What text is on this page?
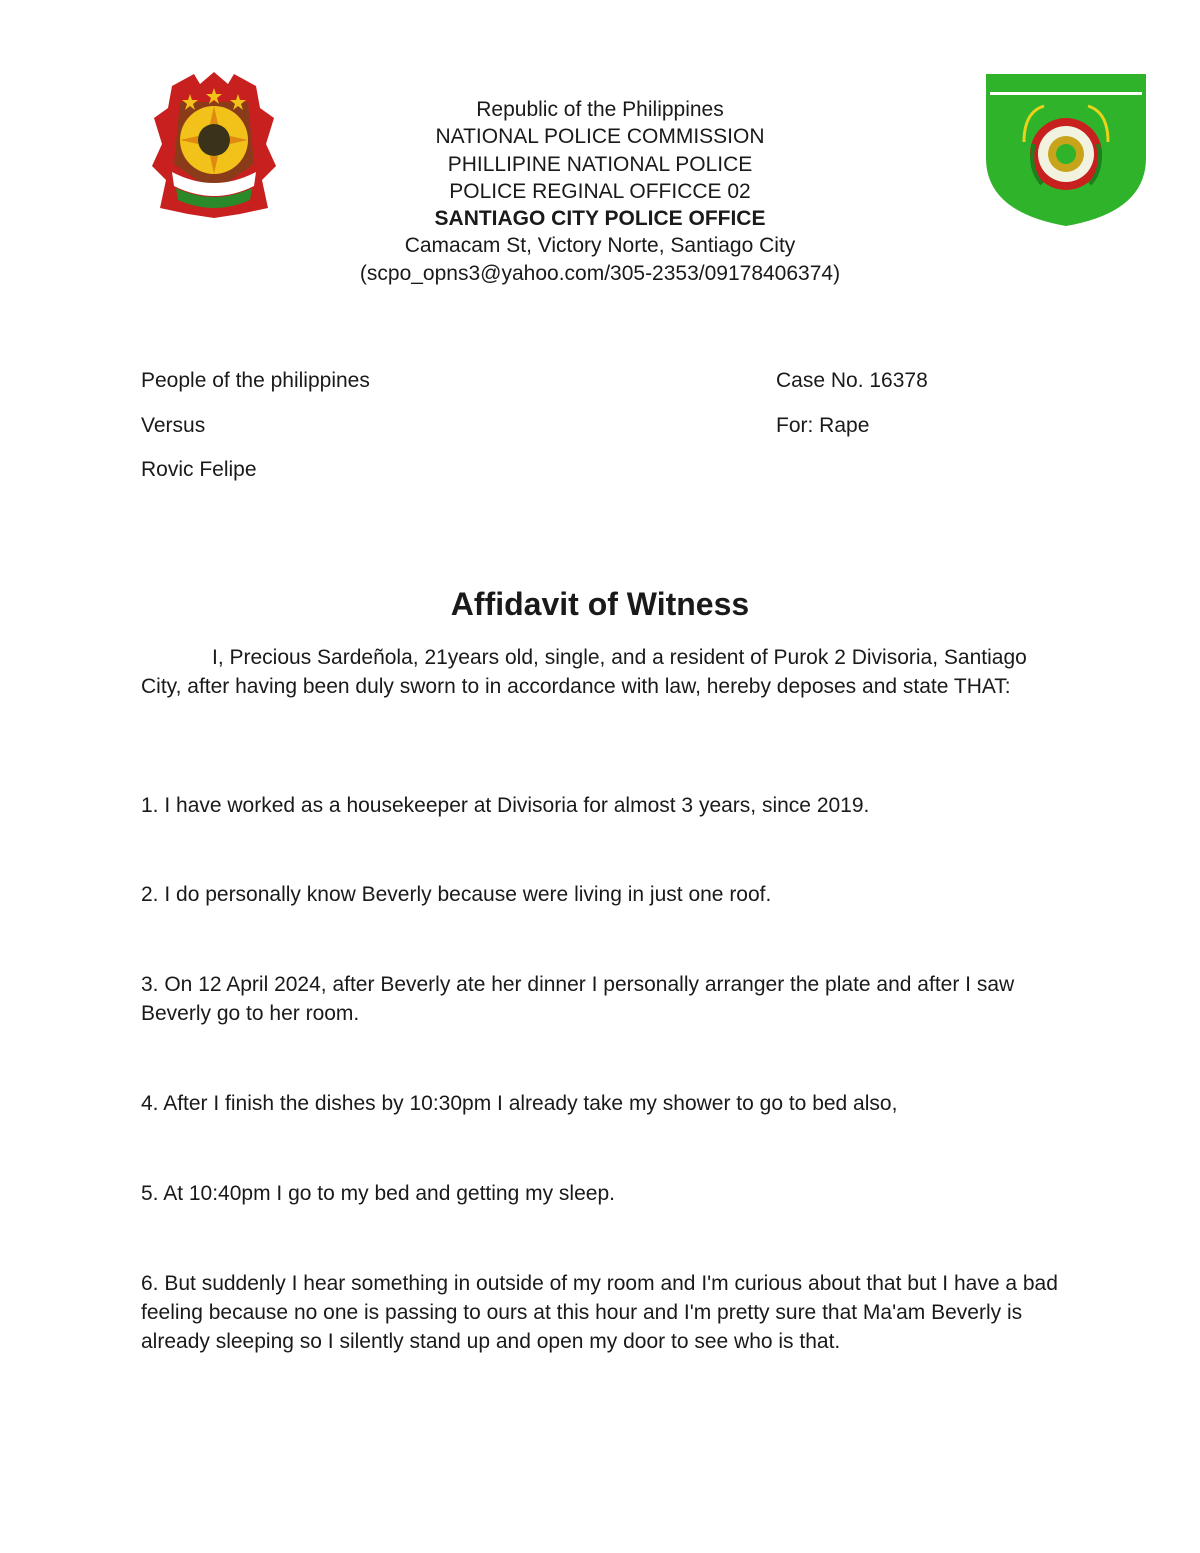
Republic of the Philippines
NATIONAL POLICE COMMISSION
PHILLIPINE NATIONAL POLICE
POLICE REGINAL OFFICCE 02
SANTIAGO CITY POLICE OFFICE
Camacam St, Victory Norte, Santiago City
(scpo_opns3@yahoo.com/305-2353/09178406374)
People of the philippines
Versus
Rovic Felipe
Case No. 16378
For: Rape
Affidavit of Witness
I, Precious Sardeñola, 21years old, single, and a resident of Purok 2 Divisoria, Santiago City, after having been duly sworn to in accordance with law, hereby deposes and state THAT:
1. I have worked as a housekeeper at Divisoria for almost 3 years, since 2019.
2. I do personally know Beverly because were living in just one roof.
3. On 12 April 2024, after Beverly ate her dinner I personally arranger the plate and after I saw Beverly go to her room.
4. After I finish the dishes by 10:30pm I already take my shower to go to bed also,
5. At 10:40pm I go to my bed and getting my sleep.
6. But suddenly I hear something in outside of my room and I'm curious about that but I have a bad feeling because no one is passing to ours at this hour and I'm pretty sure that Ma'am Beverly is already sleeping so I silently stand up and open my door to see who is that.
